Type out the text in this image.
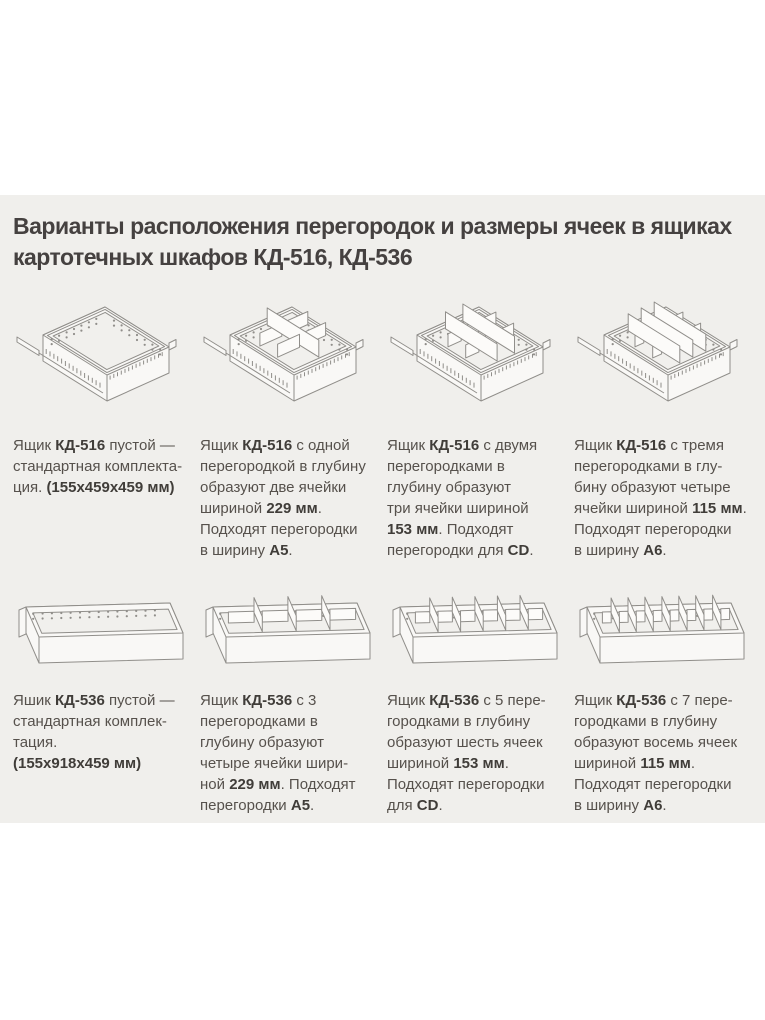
Варианты расположения перегородок и размеры ячеек в ящиках
картотечных шкафов КД-516, КД-536
Ящик КД-516 пустой —
стандартная комплекта-
ция. (155х459х459 мм)
Ящик КД-516 с одной
перегородкой в глубину
образуют две ячейки
шириной 229 мм.
Подходят перегородки
в ширину А5.
Ящик КД-516 с двумя
перегородками в
глубину образуют
три ячейки шириной
153 мм. Подходят
перегородки для CD.
Ящик КД-516 с тремя
перегородками в глу-
бину образуют четыре
ячейки шириной 115 мм.
Подходят перегородки
в ширину А6.
Яшик КД-536 пустой —
стандартная комплек-
тация.
(155х918х459 мм)
Ящик КД-536 с 3
перегородками в
глубину образуют
четыре ячейки шири-
ной 229 мм. Подходят
перегородки А5.
Ящик КД-536 с 5 пере-
городками в глубину
образуют шесть ячеек
шириной 153 мм.
Подходят перегородки
для CD.
Ящик КД-536 с 7 пере-
городками в глубину
образуют восемь ячеек
шириной 115 мм.
Подходят перегородки
в ширину А6.
